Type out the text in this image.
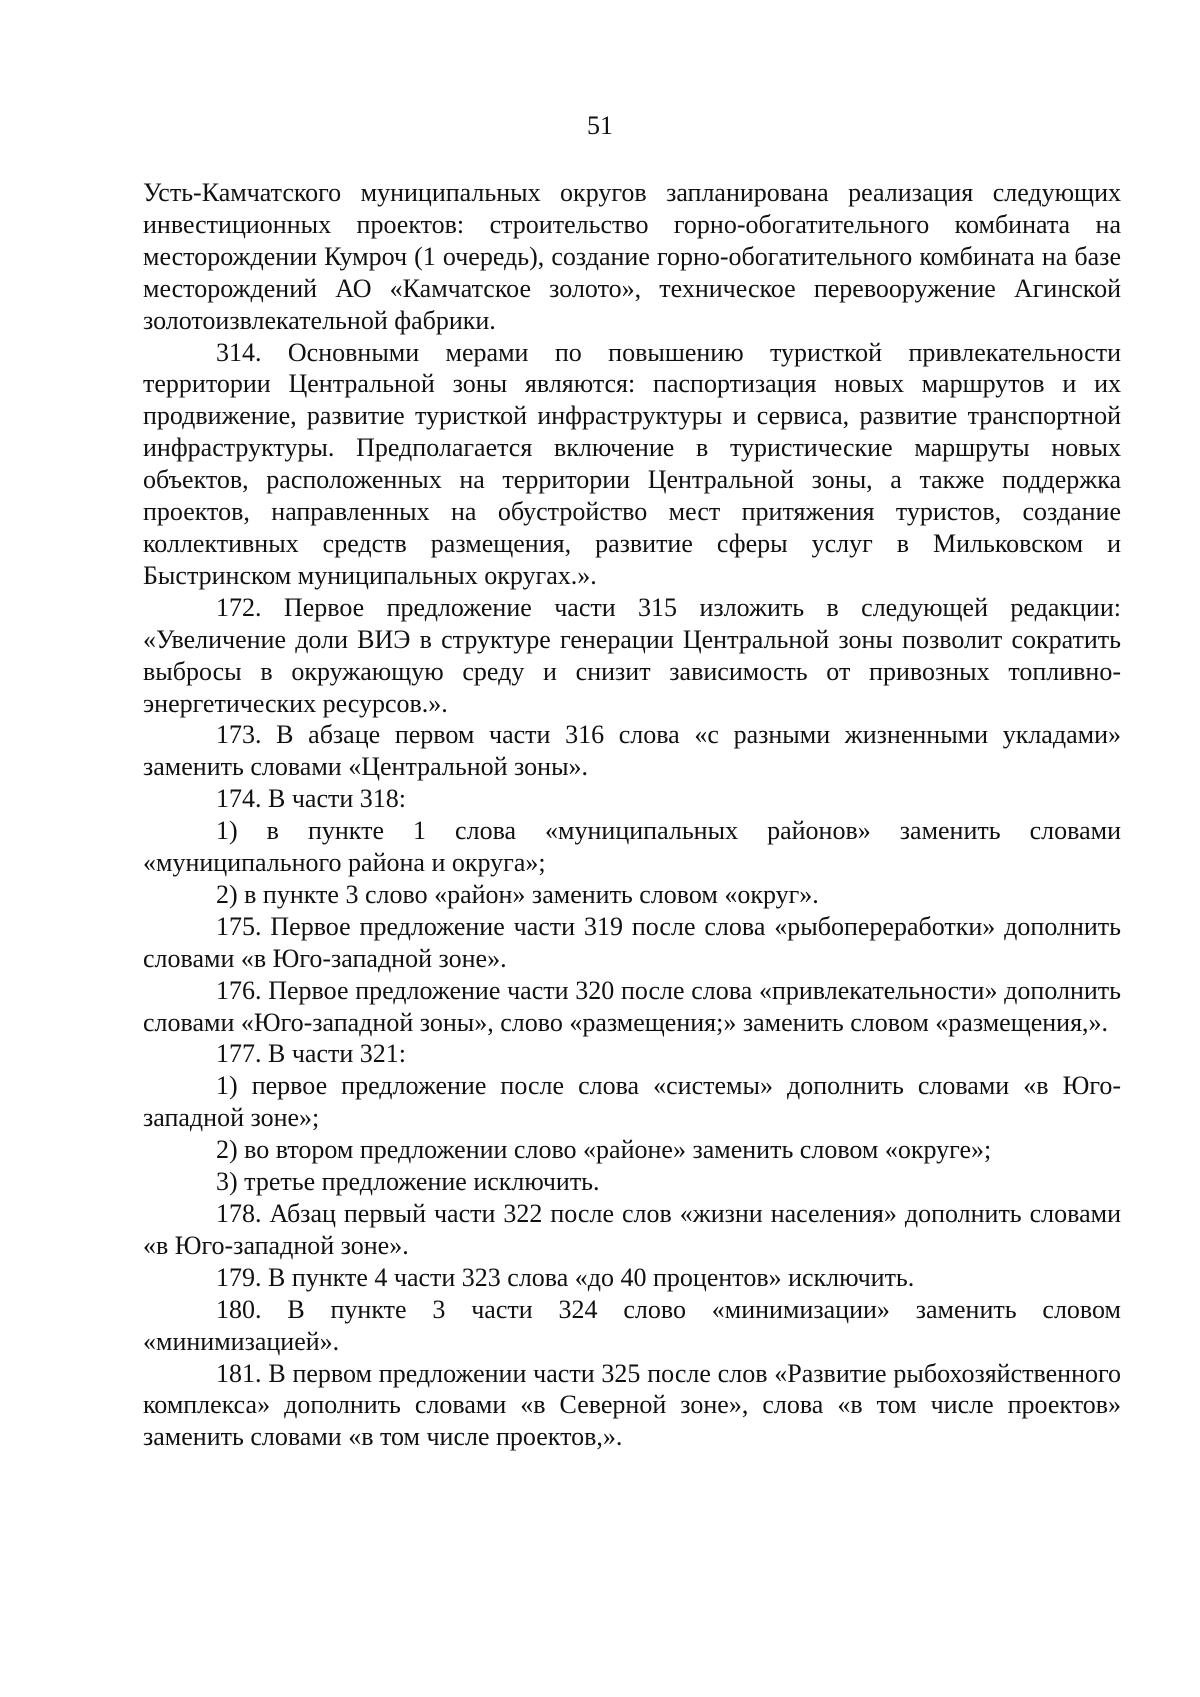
51

Усть-Камчатского муниципальных округов запланирована реализация следующих инвестиционных проектов: строительство горно-обогатительного комбината на месторождении Кумроч (1 очередь), создание горно-обогатительного комбината на базе месторождений АО «Камчатское золото», техническое перевооружение Агинской золотоизвлекательной фабрики.

314. Основными мерами по повышению туристкой привлекательности территории Центральной зоны являются: паспортизация новых маршрутов и их продвижение, развитие туристкой инфраструктуры и сервиса, развитие транспортной инфраструктуры. Предполагается включение в туристические маршруты новых объектов, расположенных на территории Центральной зоны, а также поддержка проектов, направленных на обустройство мест притяжения туристов, создание коллективных средств размещения, развитие сферы услуг в Мильковском и Быстринском муниципальных округах.».

172. Первое предложение части 315 изложить в следующей редакции: «Увеличение доли ВИЭ в структуре генерации Центральной зоны позволит сократить выбросы в окружающую среду и снизит зависимость от привозных топливно-энергетических ресурсов.».

173. В абзаце первом части 316 слова «с разными жизненными укладами» заменить словами «Центральной зоны».

174. В части 318:

1) в пункте 1 слова «муниципальных районов» заменить словами «муниципального района и округа»;

2) в пункте 3 слово «район» заменить словом «округ».

175. Первое предложение части 319 после слова «рыбопереработки» дополнить словами «в Юго-западной зоне».

176. Первое предложение части 320 после слова «привлекательности» дополнить словами «Юго-западной зоны», слово «размещения;» заменить словом «размещения,».

177. В части 321:

1) первое предложение после слова «системы» дополнить словами «в Юго-западной зоне»;

2) во втором предложении слово «районе» заменить словом «округе»;

3) третье предложение исключить.

178. Абзац первый части 322 после слов «жизни населения» дополнить словами «в Юго-западной зоне».

179. В пункте 4 части 323 слова «до 40 процентов» исключить.

180. В пункте 3 части 324 слово «минимизации» заменить словом «минимизацией».

181. В первом предложении части 325 после слов «Развитие рыбохозяйственного комплекса» дополнить словами «в Северной зоне», слова «в том числе проектов» заменить словами «в том числе проектов,».
